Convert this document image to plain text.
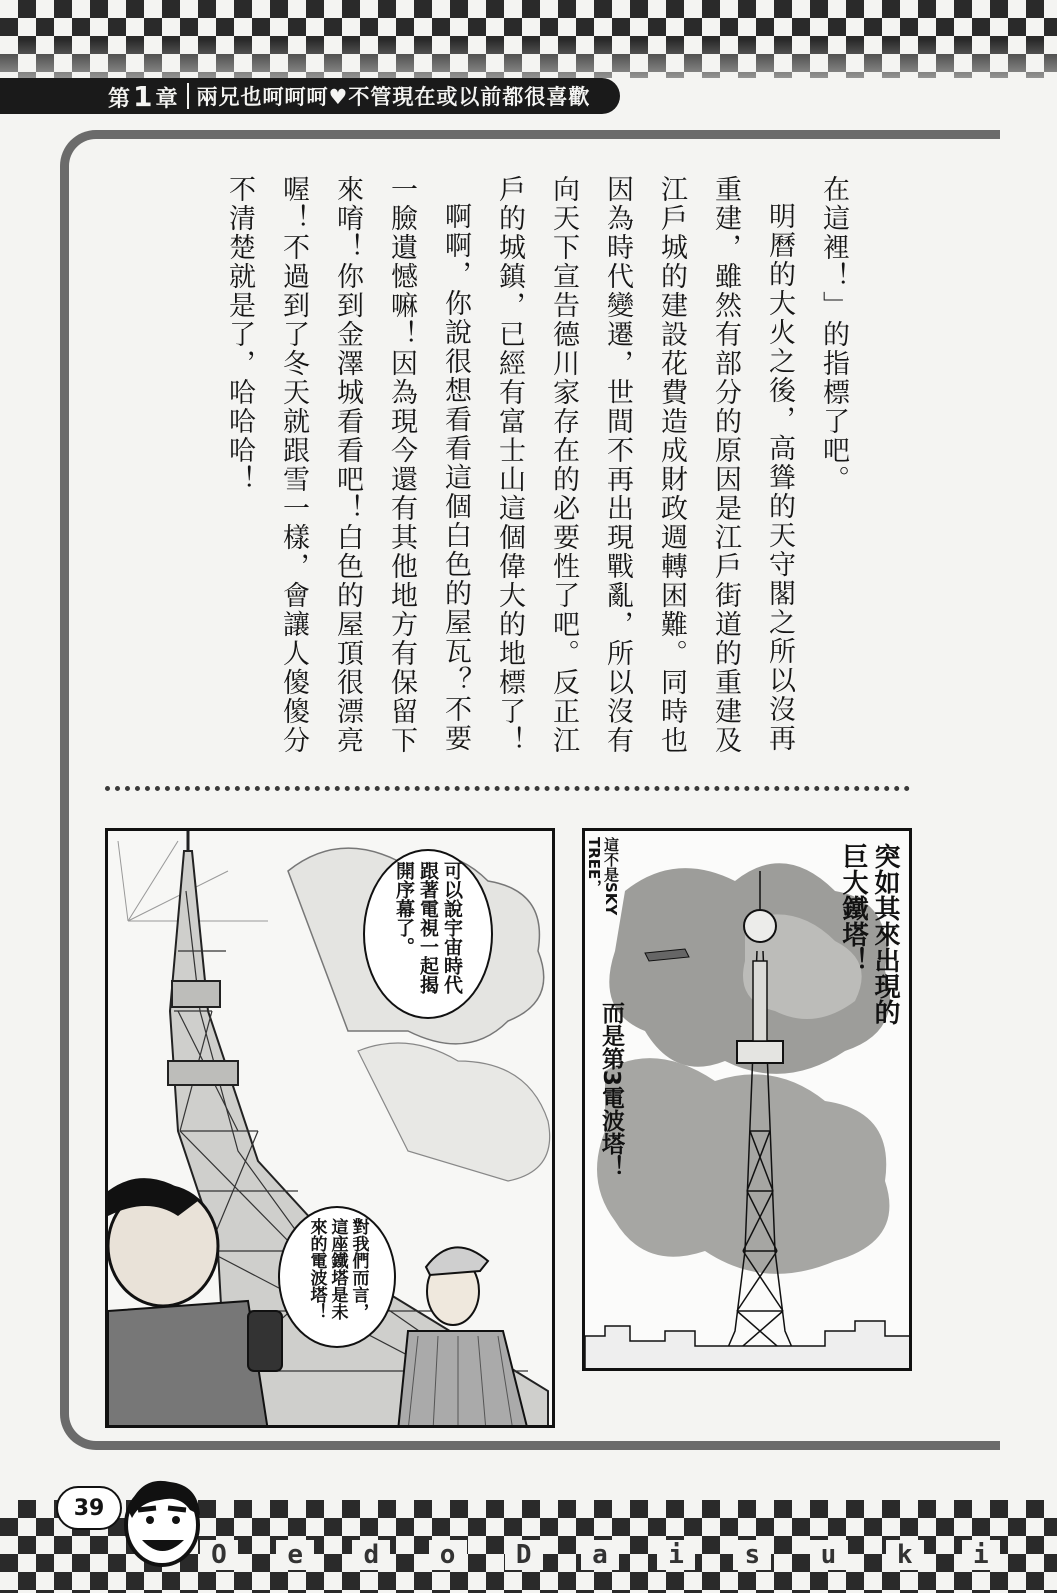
第1章 兩兄也呵呵呵♥不管現在或以前都很喜歡

在這裡！」的指標了吧。

明曆的大火之後，高聳的天守閣之所以沒再重建，雖然有部分的原因是江戶街道的重建及江戶城的建設花費造成財政週轉困難。同時也因為時代變遷，世間不再出現戰亂，所以沒有向天下宣告德川家存在的必要性了吧。反正江戶的城鎮，已經有富士山這個偉大的地標了！

啊啊，你說很想看看這個白色的屋瓦？不要一臉遺憾嘛！因為現今還有其他地方有保留下來唷！你到金澤城看看吧！白色的屋頂很漂亮喔！不過到了冬天就跟雪一樣，會讓人傻傻分不清楚就是了，哈哈哈！

可以說宇宙時代跟著電視一起揭開序幕了。
對我們而言，這座鐵塔是未來的電波塔！
突如其來出現的巨大鐵塔！
這不是SKY TREE，
而是第3電波塔！
O	e	d	o	D	a	i	s	u	k	i
39
